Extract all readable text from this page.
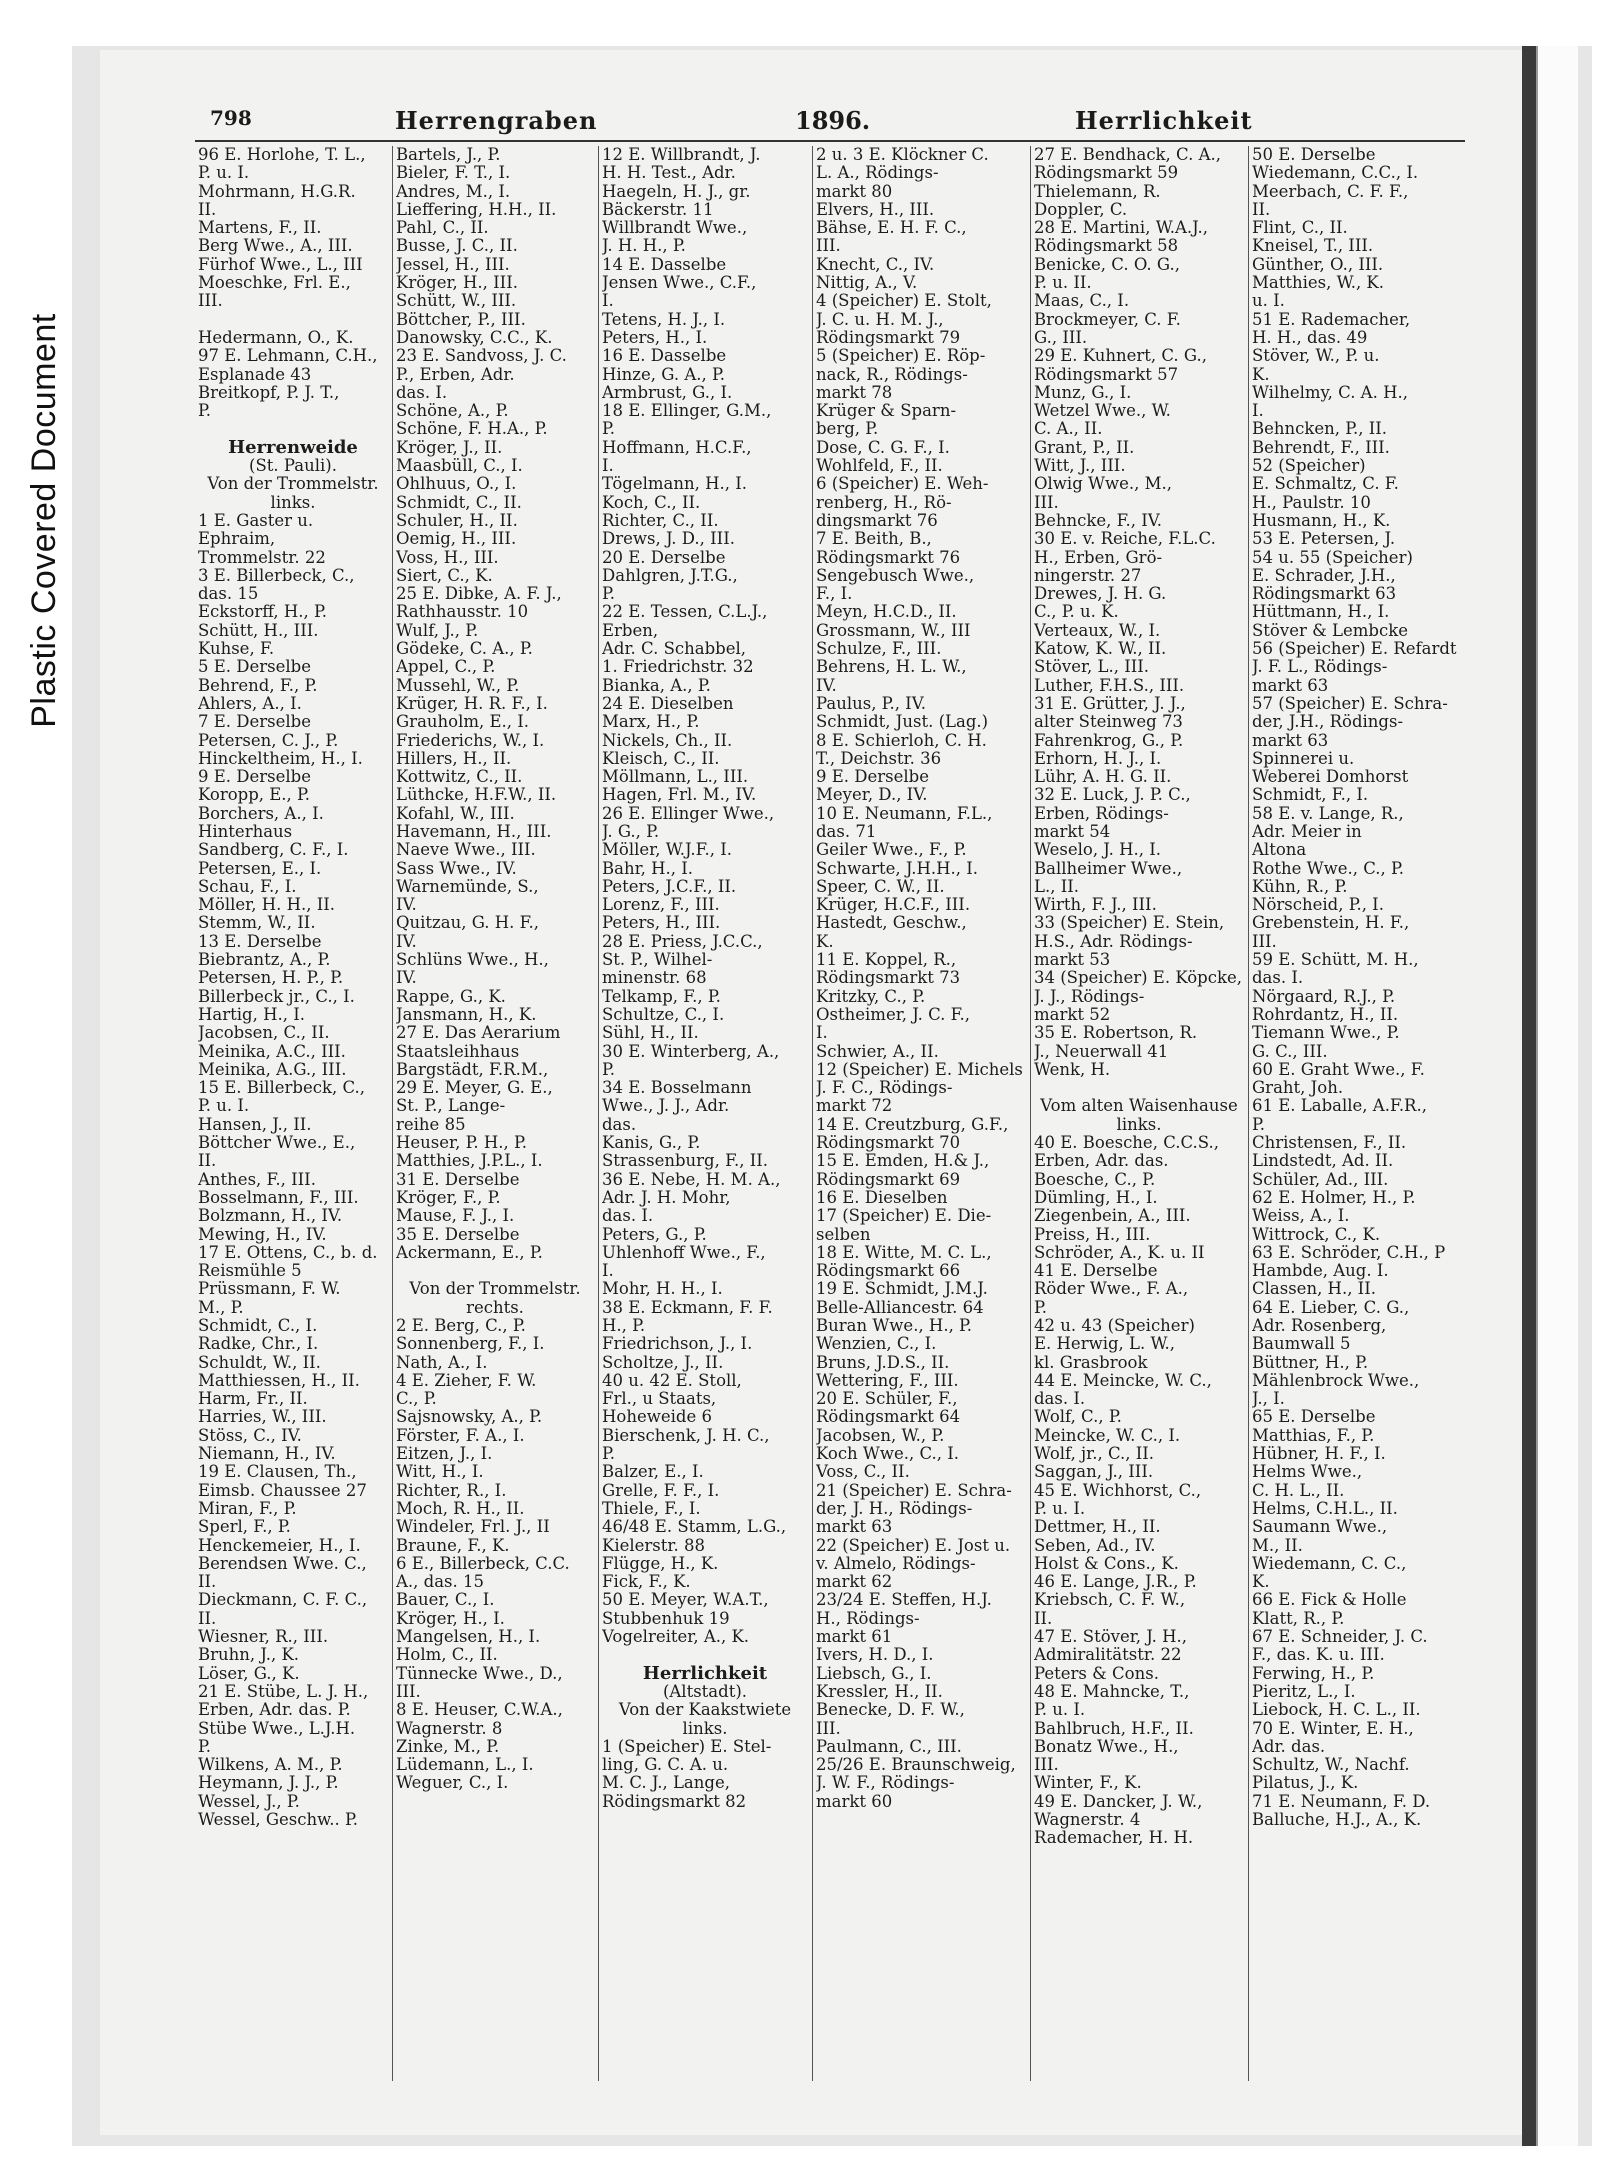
Plastic Covered Document
798	Herrengraben	1896.	Herrlichkeit
96 E. Horlohe, T. L.,
P. u. I.
Mohrmann, H.G.R.
II.
Martens, F., II.
Berg Wwe., A., III.
Fürhof Wwe., L., III
Moeschke, Frl. E.,
III.
Hedermann, O., K.
97 E. Lehmann, C.H.,
Esplanade 43
Breitkopf, P. J. T.,
P.
Herrenweide
(St. Pauli).
Von der Trommelstr.
links.
1 E. Gaster u.
Ephraim,
Trommelstr. 22
3 E. Billerbeck, C.,
das. 15
Eckstorff, H., P.
Schütt, H., III.
Kuhse, F.
5 E. Derselbe
Behrend, F., P.
Ahlers, A., I.
7 E. Derselbe
Petersen, C. J., P.
Hinckeltheim, H., I.
9 E. Derselbe
Koropp, E., P.
Borchers, A., I.
Hinterhaus
Sandberg, C. F., I.
Petersen, E., I.
Schau, F., I.
Möller, H. H., II.
Stemm, W., II.
13 E. Derselbe
Biebrantz, A., P.
Petersen, H. P., P.
Billerbeck jr., C., I.
Hartig, H., I.
Jacobsen, C., II.
Meinika, A.C., III.
Meinika, A.G., III.
15 E. Billerbeck, C.,
P. u. I.
Hansen, J., II.
Böttcher Wwe., E.,
II.
Anthes, F., III.
Bosselmann, F., III.
Bolzmann, H., IV.
Mewing, H., IV.
17 E. Ottens, C., b. d.
Reismühle 5
Prüssmann, F. W.
M., P.
Schmidt, C., I.
Radke, Chr., I.
Schuldt, W., II.
Matthiessen, H., II.
Harm, Fr., II.
Harries, W., III.
Stöss, C., IV.
Niemann, H., IV.
19 E. Clausen, Th.,
Eimsb. Chaussee 27
Miran, F., P.
Sperl, F., P.
Henckemeier, H., I.
Berendsen Wwe. C.,
II.
Dieckmann, C. F. C.,
II.
Wiesner, R., III.
Bruhn, J., K.
Löser, G., K.
21 E. Stübe, L. J. H.,
Erben, Adr. das. P.
Stübe Wwe., L.J.H.
P.
Wilkens, A. M., P.
Heymann, J. J., P.
Wessel, J., P.
Wessel, Geschw.. P.
Bartels, J., P.
Bieler, F. T., I.
Andres, M., I.
Lieffering, H.H., II.
Pahl, C., II.
Busse, J. C., II.
Jessel, H., III.
Kröger, H., III.
Schütt, W., III.
Böttcher, P., III.
Danowsky, C.C., K.
23 E. Sandvoss, J. C.
P., Erben, Adr.
das. I.
Schöne, A., P.
Schöne, F. H.A., P.
Kröger, J., II.
Maasbüll, C., I.
Ohlhuus, O., I.
Schmidt, C., II.
Schuler, H., II.
Oemig, H., III.
Voss, H., III.
Siert, C., K.
25 E. Dibke, A. F. J.,
Rathhausstr. 10
Wulf, J., P.
Gödeke, C. A., P.
Appel, C., P.
Mussehl, W., P.
Krüger, H. R. F., I.
Grauholm, E., I.
Friederichs, W., I.
Hillers, H., II.
Kottwitz, C., II.
Lüthcke, H.F.W., II.
Kofahl, W., III.
Havemann, H., III.
Naeve Wwe., III.
Sass Wwe., IV.
Warnemünde, S.,
IV.
Quitzau, G. H. F.,
IV.
Schlüns Wwe., H.,
IV.
Rappe, G., K.
Jansmann, H., K.
27 E. Das Aerarium
Staatsleihhaus
Bargstädt, F.R.M.,
29 E. Meyer, G. E.,
St. P., Lange-
reihe 85
Heuser, P. H., P.
Matthies, J.P.L., I.
31 E. Derselbe
Kröger, F., P.
Mause, F. J., I.
35 E. Derselbe
Ackermann, E., P.
Von der Trommelstr.
rechts.
2 E. Berg, C., P.
Sonnenberg, F., I.
Nath, A., I.
4 E. Zieher, F. W.
C., P.
Sajsnowsky, A., P.
Förster, F. A., I.
Eitzen, J., I.
Witt, H., I.
Richter, R., I.
Moch, R. H., II.
Windeler, Frl. J., II
Braune, F., K.
6 E., Billerbeck, C.C.
A., das. 15
Bauer, C., I.
Kröger, H., I.
Mangelsen, H., I.
Holm, C., II.
Tünnecke Wwe., D.,
III.
8 E. Heuser, C.W.A.,
Wagnerstr. 8
Zinke, M., P.
Lüdemann, L., I.
Weguer, C., I.
12 E. Willbrandt, J.
H. H. Test., Adr.
Haegeln, H. J., gr.
Bäckerstr. 11
Willbrandt Wwe.,
J. H. H., P.
14 E. Dasselbe
Jensen Wwe., C.F.,
I.
Tetens, H. J., I.
Peters, H., I.
16 E. Dasselbe
Hinze, G. A., P.
Armbrust, G., I.
18 E. Ellinger, G.M.,
P.
Hoffmann, H.C.F.,
I.
Tögelmann, H., I.
Koch, C., II.
Richter, C., II.
Drews, J. D., III.
20 E. Derselbe
Dahlgren, J.T.G.,
P.
22 E. Tessen, C.L.J.,
Erben,
Adr. C. Schabbel,
1. Friedrichstr. 32
Bianka, A., P.
24 E. Dieselben
Marx, H., P.
Nickels, Ch., II.
Kleisch, C., II.
Möllmann, L., III.
Hagen, Frl. M., IV.
26 E. Ellinger Wwe.,
J. G., P.
Möller, W.J.F., I.
Bahr, H., I.
Peters, J.C.F., II.
Lorenz, F., III.
Peters, H., III.
28 E. Priess, J.C.C.,
St. P., Wilhel-
minenstr. 68
Telkamp, F., P.
Schultze, C., I.
Sühl, H., II.
30 E. Winterberg, A.,
P.
34 E. Bosselmann
Wwe., J. J., Adr.
das.
Kanis, G., P.
Strassenburg, F., II.
36 E. Nebe, H. M. A.,
Adr. J. H. Mohr,
das. I.
Peters, G., P.
Uhlenhoff Wwe., F.,
I.
Mohr, H. H., I.
38 E. Eckmann, F. F.
H., P.
Friedrichson, J., I.
Scholtze, J., II.
40 u. 42 E. Stoll,
Frl., u Staats,
Hoheweide 6
Bierschenk, J. H. C.,
P.
Balzer, E., I.
Grelle, F. F., I.
Thiele, F., I.
46/48 E. Stamm, L.G.,
Kielerstr. 88
Flügge, H., K.
Fick, F., K.
50 E. Meyer, W.A.T.,
Stubbenhuk 19
Vogelreiter, A., K.
Herrlichkeit
(Altstadt).
Von der Kaakstwiete
links.
1 (Speicher) E. Stel-
ling, G. C. A. u.
M. C. J., Lange,
Rödingsmarkt 82
2 u. 3 E. Klöckner C.
L. A., Rödings-
markt 80
Elvers, H., III.
Bähse, E. H. F. C.,
III.
Knecht, C., IV.
Nittig, A., V.
4 (Speicher) E. Stolt,
J. C. u. H. M. J.,
Rödingsmarkt 79
5 (Speicher) E. Röp-
nack, R., Rödings-
markt 78
Krüger & Sparn-
berg, P.
Dose, C. G. F., I.
Wohlfeld, F., II.
6 (Speicher) E. Weh-
renberg, H., Rö-
dingsmarkt 76
7 E. Beith, B.,
Rödingsmarkt 76
Sengebusch Wwe.,
F., I.
Meyn, H.C.D., II.
Grossmann, W., III
Schulze, F., III.
Behrens, H. L. W.,
IV.
Paulus, P., IV.
Schmidt, Just. (Lag.)
8 E. Schierloh, C. H.
T., Deichstr. 36
9 E. Derselbe
Meyer, D., IV.
10 E. Neumann, F.L.,
das. 71
Geiler Wwe., F., P.
Schwarte, J.H.H., I.
Speer, C. W., II.
Krüger, H.C.F., III.
Hastedt, Geschw.,
K.
11 E. Koppel, R.,
Rödingsmarkt 73
Kritzky, C., P.
Ostheimer, J. C. F.,
I.
Schwier, A., II.
12 (Speicher) E. Michels
J. F. C., Rödings-
markt 72
14 E. Creutzburg, G.F.,
Rödingsmarkt 70
15 E. Emden, H.& J.,
Rödingsmarkt 69
16 E. Dieselben
17 (Speicher) E. Die-
selben
18 E. Witte, M. C. L.,
Rödingsmarkt 66
19 E. Schmidt, J.M.J.
Belle-Alliancestr. 64
Buran Wwe., H., P.
Wenzien, C., I.
Bruns, J.D.S., II.
Wettering, F., III.
20 E. Schüler, F.,
Rödingsmarkt 64
Jacobsen, W., P.
Koch Wwe., C., I.
Voss, C., II.
21 (Speicher) E. Schra-
der, J. H., Rödings-
markt 63
22 (Speicher) E. Jost u.
v. Almelo, Rödings-
markt 62
23/24 E. Steffen, H.J.
H., Rödings-
markt 61
Ivers, H. D., I.
Liebsch, G., I.
Kressler, H., II.
Benecke, D. F. W.,
III.
Paulmann, C., III.
25/26 E. Braunschweig,
J. W. F., Rödings-
markt 60
27 E. Bendhack, C. A.,
Rödingsmarkt 59
Thielemann, R.
Doppler, C.
28 E. Martini, W.A.J.,
Rödingsmarkt 58
Benicke, C. O. G.,
P. u. II.
Maas, C., I.
Brockmeyer, C. F.
G., III.
29 E. Kuhnert, C. G.,
Rödingsmarkt 57
Munz, G., I.
Wetzel Wwe., W.
C. A., II.
Grant, P., II.
Witt, J., III.
Olwig Wwe., M.,
III.
Behncke, F., IV.
30 E. v. Reiche, F.L.C.
H., Erben, Grö-
ningerstr. 27
Drewes, J. H. G.
C., P. u. K.
Verteaux, W., I.
Katow, K. W., II.
Stöver, L., III.
Luther, F.H.S., III.
31 E. Grütter, J. J.,
alter Steinweg 73
Fahrenkrog, G., P.
Erhorn, H. J., I.
Lühr, A. H. G. II.
32 E. Luck, J. P. C.,
Erben, Rödings-
markt 54
Weselo, J. H., I.
Ballheimer Wwe.,
L., II.
Wirth, F. J., III.
33 (Speicher) E. Stein,
H.S., Adr. Rödings-
markt 53
34 (Speicher) E. Köpcke,
J. J., Rödings-
markt 52
35 E. Robertson, R.
J., Neuerwall 41
Wenk, H.
Vom alten Waisenhause
links.
40 E. Boesche, C.C.S.,
Erben, Adr. das.
Boesche, C., P.
Dümling, H., I.
Ziegenbein, A., III.
Preiss, H., III.
Schröder, A., K. u. II
41 E. Derselbe
Röder Wwe., F. A.,
P.
42 u. 43 (Speicher)
E. Herwig, L. W.,
kl. Grasbrook
44 E. Meincke, W. C.,
das. I.
Wolf, C., P.
Meincke, W. C., I.
Wolf, jr., C., II.
Saggan, J., III.
45 E. Wichhorst, C.,
P. u. I.
Dettmer, H., II.
Seben, Ad., IV.
Holst & Cons., K.
46 E. Lange, J.R., P.
Kriebsch, C. F. W.,
II.
47 E. Stöver, J. H.,
Admiralitätstr. 22
Peters & Cons.
48 E. Mahncke, T.,
P. u. I.
Bahlbruch, H.F., II.
Bonatz Wwe., H.,
III.
Winter, F., K.
49 E. Dancker, J. W.,
Wagnerstr. 4
Rademacher, H. H.
50 E. Derselbe
Wiedemann, C.C., I.
Meerbach, C. F. F.,
II.
Flint, C., II.
Kneisel, T., III.
Günther, O., III.
Matthies, W., K.
u. I.
51 E. Rademacher,
H. H., das. 49
Stöver, W., P. u.
K.
Wilhelmy, C. A. H.,
I.
Behncken, P., II.
Behrendt, F., III.
52 (Speicher)
E. Schmaltz, C. F.
H., Paulstr. 10
Husmann, H., K.
53 E. Petersen, J.
54 u. 55 (Speicher)
E. Schrader, J.H.,
Rödingsmarkt 63
Hüttmann, H., I.
Stöver & Lembcke
56 (Speicher) E. Refardt
J. F. L., Rödings-
markt 63
57 (Speicher) E. Schra-
der, J.H., Rödings-
markt 63
Spinnerei u.
Weberei Domhorst
Schmidt, F., I.
58 E. v. Lange, R.,
Adr. Meier in
Altona
Rothe Wwe., C., P.
Kühn, R., P.
Nörscheid, P., I.
Grebenstein, H. F.,
III.
59 E. Schütt, M. H.,
das. I.
Nörgaard, R.J., P.
Rohrdantz, H., II.
Tiemann Wwe., P.
G. C., III.
60 E. Graht Wwe., F.
Graht, Joh.
61 E. Laballe, A.F.R.,
P.
Christensen, F., II.
Lindstedt, Ad. II.
Schüler, Ad., III.
62 E. Holmer, H., P.
Weiss, A., I.
Wittrock, C., K.
63 E. Schröder, C.H., P
Hambde, Aug. I.
Classen, H., II.
64 E. Lieber, C. G.,
Adr. Rosenberg,
Baumwall 5
Büttner, H., P.
Mählenbrock Wwe.,
J., I.
65 E. Derselbe
Matthias, F., P.
Hübner, H. F., I.
Helms Wwe.,
C. H. L., II.
Helms, C.H.L., II.
Saumann Wwe.,
M., II.
Wiedemann, C. C.,
K.
66 E. Fick & Holle
Klatt, R., P.
67 E. Schneider, J. C.
F., das. K. u. III.
Ferwing, H., P.
Pieritz, L., I.
Liebock, H. C. L., II.
70 E. Winter, E. H.,
Adr. das.
Schultz, W., Nachf.
Pilatus, J., K.
71 E. Neumann, F. D.
Balluche, H.J., A., K.
